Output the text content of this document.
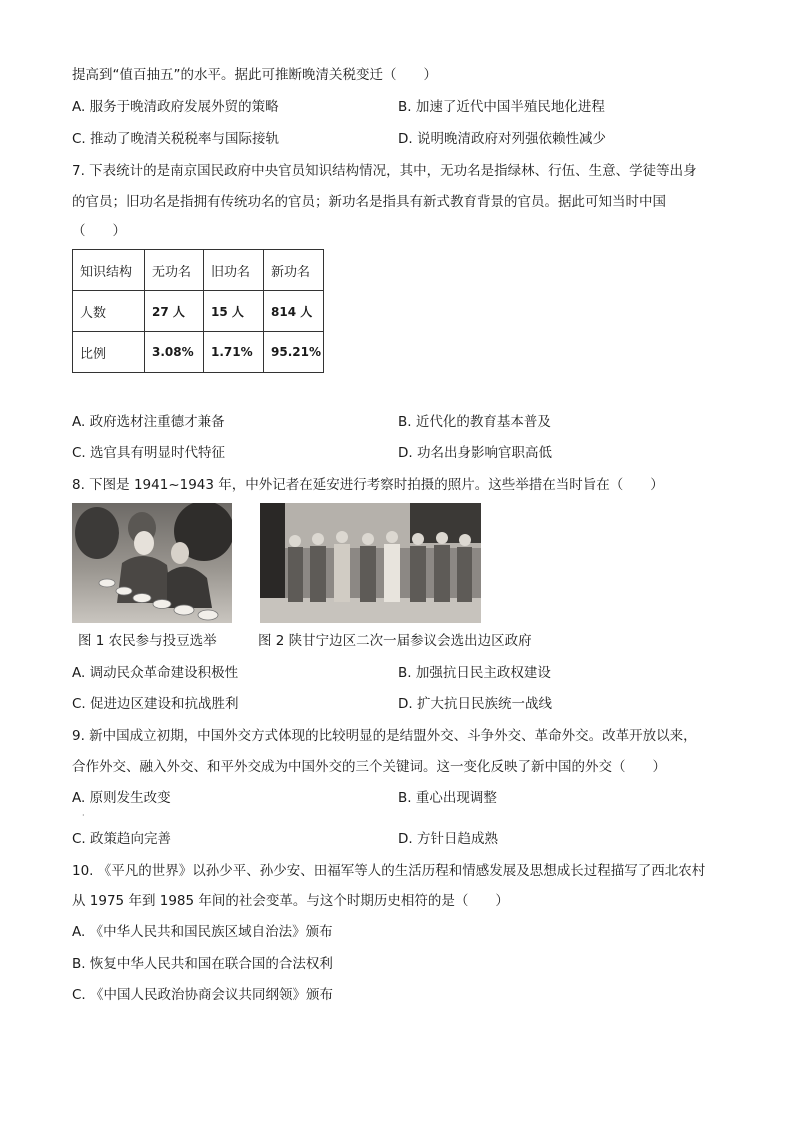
提高到“值百抽五”的水平。据此可推断晚清关税变迁（　　）
A. 服务于晚清政府发展外贸的策略	B. 加速了近代中国半殖民地化进程
C. 推动了晚清关税税率与国际接轨	D. 说明晚清政府对列强依赖性减少
7. 下表统计的是南京国民政府中央官员知识结构情况，其中，无功名是指绿林、行伍、生意、学徒等出身
的官员；旧功名是指拥有传统功名的官员；新功名是指具有新式教育背景的官员。据此可知当时中国
（　　）
知识结构	无功名	旧功名	新功名
人数	27 人	15 人	814 人
比例	3.08%	1.71%	95.21%
A. 政府选材注重德才兼备	B. 近代化的教育基本普及
C. 选官具有明显时代特征	D. 功名出身影响官职高低
8. 下图是 1941~1943 年，中外记者在延安进行考察时拍摄的照片。这些举措在当时旨在（　　）
图 1 农民参与投豆选举	图 2 陕甘宁边区二次一届参议会选出边区政府
A. 调动民众革命建设积极性	B. 加强抗日民主政权建设
C. 促进边区建设和抗战胜利	D. 扩大抗日民族统一战线
9. 新中国成立初期，中国外交方式体现的比较明显的是结盟外交、斗争外交、革命外交。改革开放以来，
合作外交、融入外交、和平外交成为中国外交的三个关键词。这一变化反映了新中国的外交（　　）
A. 原则发生改变	B. 重心出现调整
·
C. 政策趋向完善	D. 方针日趋成熟
10. 《平凡的世界》以孙少平、孙少安、田福军等人的生活历程和情感发展及思想成长过程描写了西北农村
从 1975 年到 1985 年间的社会变革。与这个时期历史相符的是（　　）
A. 《中华人民共和国民族区域自治法》颁布
B. 恢复中华人民共和国在联合国的合法权利
C. 《中国人民政治协商会议共同纲领》颁布
